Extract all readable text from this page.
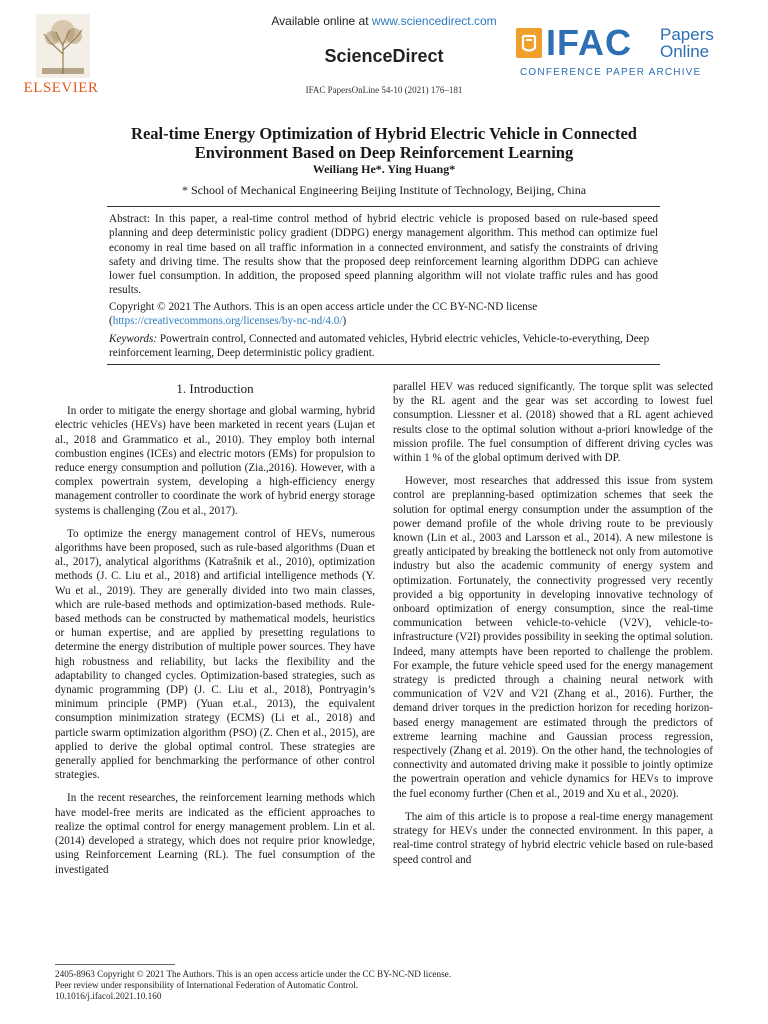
ELSEVIER
Available online at www.sciencedirect.com
ScienceDirect
IFAC PapersOnLine 54-10 (2021) 176–181
IFAC Papers
Online
CONFERENCE PAPER ARCHIVE
Real-time Energy Optimization of Hybrid Electric Vehicle in Connected
Environment Based on Deep Reinforcement Learning
Weiliang He*. Ying Huang*
* School of Mechanical Engineering Beijing Institute of Technology, Beijing, China

Abstract: In this paper, a real-time control method of hybrid electric vehicle is proposed based on rule-based speed planning and deep deterministic policy gradient (DDPG) energy management algorithm. This method can optimize fuel economy in real time based on all traffic information in a connected environment, and satisfy the constraints of driving safety and driving time. The results show that the proposed deep reinforcement learning algorithm DDPG can achieve lower fuel consumption. In addition, the proposed speed planning algorithm will not violate traffic rules and has good results.

Copyright © 2021 The Authors. This is an open access article under the CC BY-NC-ND license
(https://creativecommons.org/licenses/by-nc-nd/4.0/)

Keywords: Powertrain control, Connected and automated vehicles, Hybrid electric vehicles, Vehicle-to-everything, Deep reinforcement learning, Deep deterministic policy gradient.

1. Introduction

In order to mitigate the energy shortage and global warming, hybrid electric vehicles (HEVs) have been marketed in recent years (Lujan et al., 2018 and Grammatico et al., 2010). They employ both internal combustion engines (ICEs) and electric motors (EMs) for propulsion to reduce energy consumption and pollution (Zia.,2016). However, with a complex powertrain system, developing a high-efficiency energy management controller to coordinate the work of hybrid energy storage systems is challenging (Zou et al., 2017).

To optimize the energy management control of HEVs, numerous algorithms have been proposed, such as rule-based algorithms (Duan et al., 2017), analytical algorithms (Katrašnik et al., 2010), optimization methods (J. C. Liu et al., 2018) and artificial intelligence methods (Y. Wu et al., 2019). They are generally divided into two main classes, which are rule-based methods and optimization-based methods. Rule-based methods can be constructed by mathematical models, heuristics or human expertise, and are applied by presetting regulations to determine the energy distribution of multiple power sources. They have high robustness and reliability, but lacks the flexibility and the adaptability to changed cycles. Optimization-based strategies, such as dynamic programming (DP) (J. C. Liu et al., 2018), Pontryagin’s minimum principle (PMP) (Yuan et.al., 2013), the equivalent consumption minimization strategy (ECMS) (Li et al., 2018) and particle swarm optimization algorithm (PSO) (Z. Chen et al., 2015), are applied to derive the global optimal control. These strategies are generally applied for benchmarking the performance of other control strategies.

In the recent researches, the reinforcement learning methods which have model-free merits are indicated as the efficient approaches to realize the optimal control for energy management problem. Lin et al. (2014) developed a strategy, which does not require prior knowledge, using Reinforcement Learning (RL). The fuel consumption of the investigated

parallel HEV was reduced significantly. The torque split was selected by the RL agent and the gear was set according to lowest fuel consumption. Liessner et al. (2018) showed that a RL agent achieved results close to the optimal solution without a-priori knowledge of the mission profile. The fuel consumption of different driving cycles was within 1 % of the global optimum derived with DP.

However, most researches that addressed this issue from system control are preplanning-based optimization schemes that seek the solution for optimal energy consumption under the assumption of the power demand profile of the whole driving route to be previously known (Lin et al., 2003 and Larsson et al., 2014). A new milestone is greatly anticipated by breaking the bottleneck not only from automotive industry but also the academic community of energy system and optimization. Fortunately, the connectivity progressed very recently provided a big opportunity in developing innovative technology of onboard optimization of energy consumption, since the real-time communication between vehicle-to-vehicle (V2V), vehicle-to-infrastructure (V2I) provides possibility in seeking the optimal solution. Indeed, many attempts have been reported to challenge the problem. For example, the future vehicle speed used for the energy management strategy is predicted through a chaining neural network with communication of V2V and V2I (Zhang et al., 2016). Further, the demand driver torques in the prediction horizon for receding horizon-based energy management are estimated through the predictors of extreme learning machine and Gaussian process regression, respectively (Zhang et al. 2019). On the other hand, the technologies of connectivity and automated driving make it possible to jointly optimize the powertrain operation and vehicle dynamics for HEVs to improve the fuel economy further (Chen et al., 2019 and Xu et al., 2020).

The aim of this article is to propose a real-time energy management strategy for HEVs under the connected environment. In this paper, a real-time control strategy of hybrid electric vehicle based on rule-based speed control and

2405-8963 Copyright © 2021 The Authors. This is an open access article under the CC BY-NC-ND license.
Peer review under responsibility of International Federation of Automatic Control.
10.1016/j.ifacol.2021.10.160
